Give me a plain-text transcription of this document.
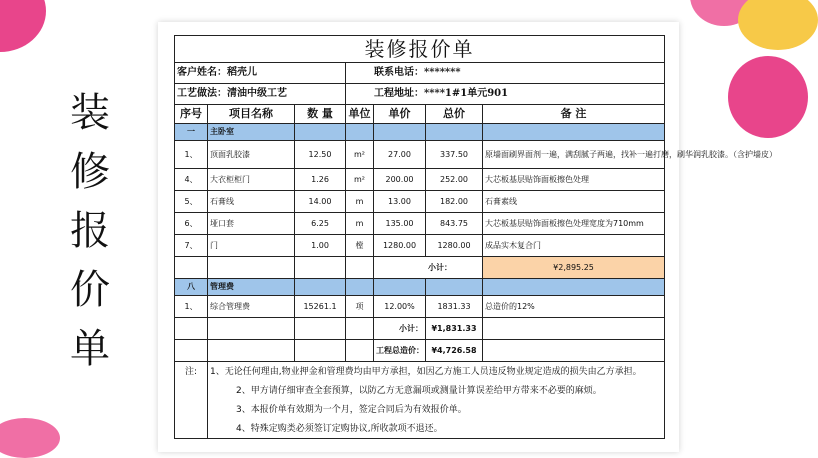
装
修
报
价
单
装修报价单						
客户姓名：稻壳儿			联系电话：*******			
工艺做法：清油中级工艺			工程地址：****1#1单元901			
序号	项目名称	数 量	单位	单价	总价	备 注
一	主卧室					
1、	顶面乳胶漆	12.50	m²	27.00	337.50	原墙面刷界面剂一遍，满刮腻子两遍，找补一遍打磨，刷华润乳胶漆。（含护墙皮）
4、	大衣柜柜门	1.26	m²	200.00	252.00	大芯板基层贴饰面板擦色处理
5、	石膏线	14.00	m	13.00	182.00	石膏素线
6、	垭口套	6.25	m	135.00	843.75	大芯板基层贴饰面板擦色处理宽度为710mm
7、	门	1.00	樘	1280.00	1280.00	成品实木复合门
				小计：		¥2,895.25
八	管理费					
1、	综合管理费	15261.1	项	12.00%	1831.33	总造价的12%
				小计：	¥1,831.33	
				工程总造价：	¥4,726.58	
注:	1、无论任何理由,物业押金和管理费均由甲方承担，如因乙方施工人员违反物业规定造成的损失由乙方承担。					
	2、甲方请仔细审查全套预算，以防乙方无意漏项或测量计算误差给甲方带来不必要的麻烦。					
	3、本报价单有效期为一个月，签定合同后为有效报价单。					
	4、特殊定购类必须签订定购协议,所收款项不退还。					
